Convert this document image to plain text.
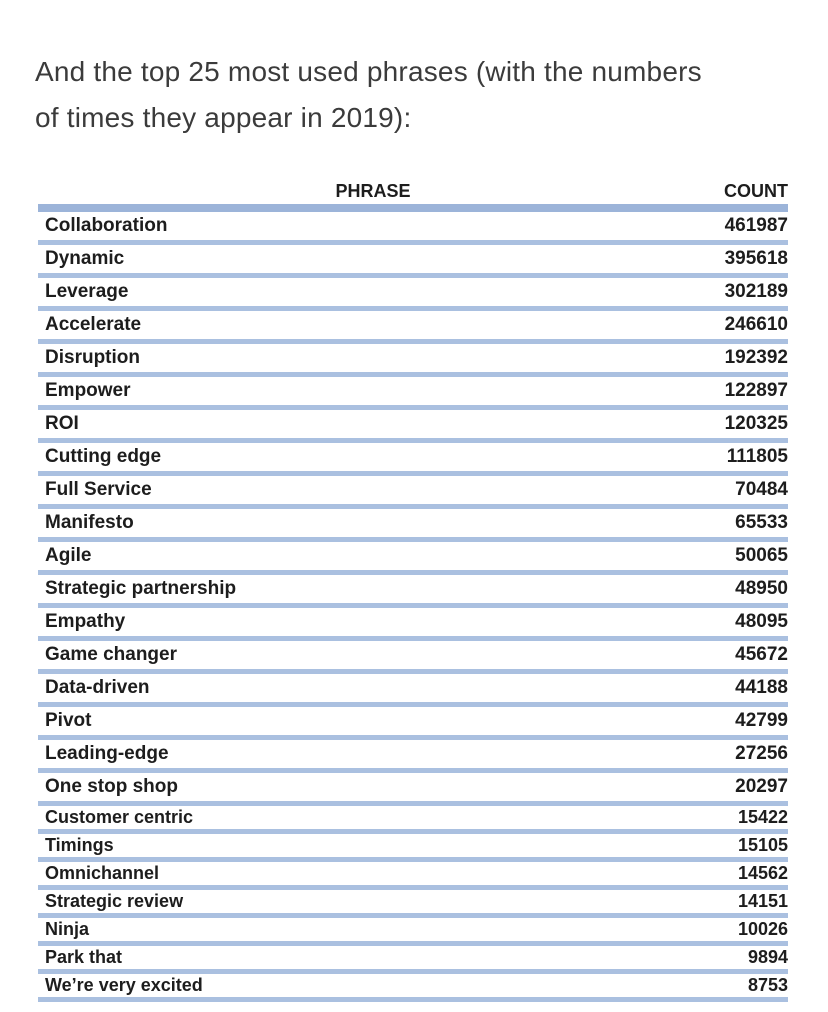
And the top 25 most used phrases (with the numbers
of times they appear in 2019):
PHRASE	COUNT
Collaboration	461987
Dynamic	395618
Leverage	302189
Accelerate	246610
Disruption	192392
Empower	122897
ROI	120325
Cutting edge	111805
Full Service	70484
Manifesto	65533
Agile	50065
Strategic partnership	48950
Empathy	48095
Game changer	45672
Data-driven	44188
Pivot	42799
Leading-edge	27256
One stop shop	20297
Customer centric	15422
Timings	15105
Omnichannel	14562
Strategic review	14151
Ninja	10026
Park that	9894
We’re very excited	8753
